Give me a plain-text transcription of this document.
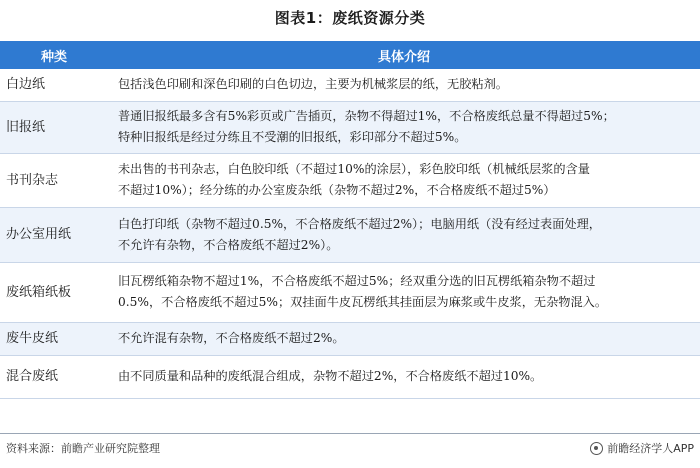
图表1：废纸资源分类
种类	具体介绍
白边纸	包括浅色印刷和深色印刷的白色切边，主要为机械浆层的纸，无胶粘剂。

旧报纸	普通旧报纸最多含有5%彩页或广告插页，杂物不得超过1%，不合格废纸总量不得超过5%；
特种旧报纸是经过分练且不受潮的旧报纸，彩印部分不超过5%。

书刊杂志	未出售的书刊杂志，白色胶印纸（不超过10%的涂层），彩色胶印纸（机械纸层浆的含量
不超过10%）；经分练的办公室废杂纸（杂物不超过2%，不合格废纸不超过5%）

办公室用纸	白色打印纸（杂物不超过0.5%，不合格废纸不超过2%）；电脑用纸（没有经过表面处理，
不允许有杂物，不合格废纸不超过2%）。

废纸箱纸板	旧瓦楞纸箱杂物不超过1%，不合格废纸不超过5%；经双重分选的旧瓦楞纸箱杂物不超过
0.5%，不合格废纸不超过5%；双挂面牛皮瓦楞纸其挂面层为麻浆或牛皮浆，无杂物混入。

废牛皮纸	不允许混有杂物，不合格废纸不超过2%。

混合废纸	由不同质量和品种的废纸混合组成，杂物不超过2%，不合格废纸不超过10%。
资料来源：前瞻产业研究院整理	前瞻经济学人APP
